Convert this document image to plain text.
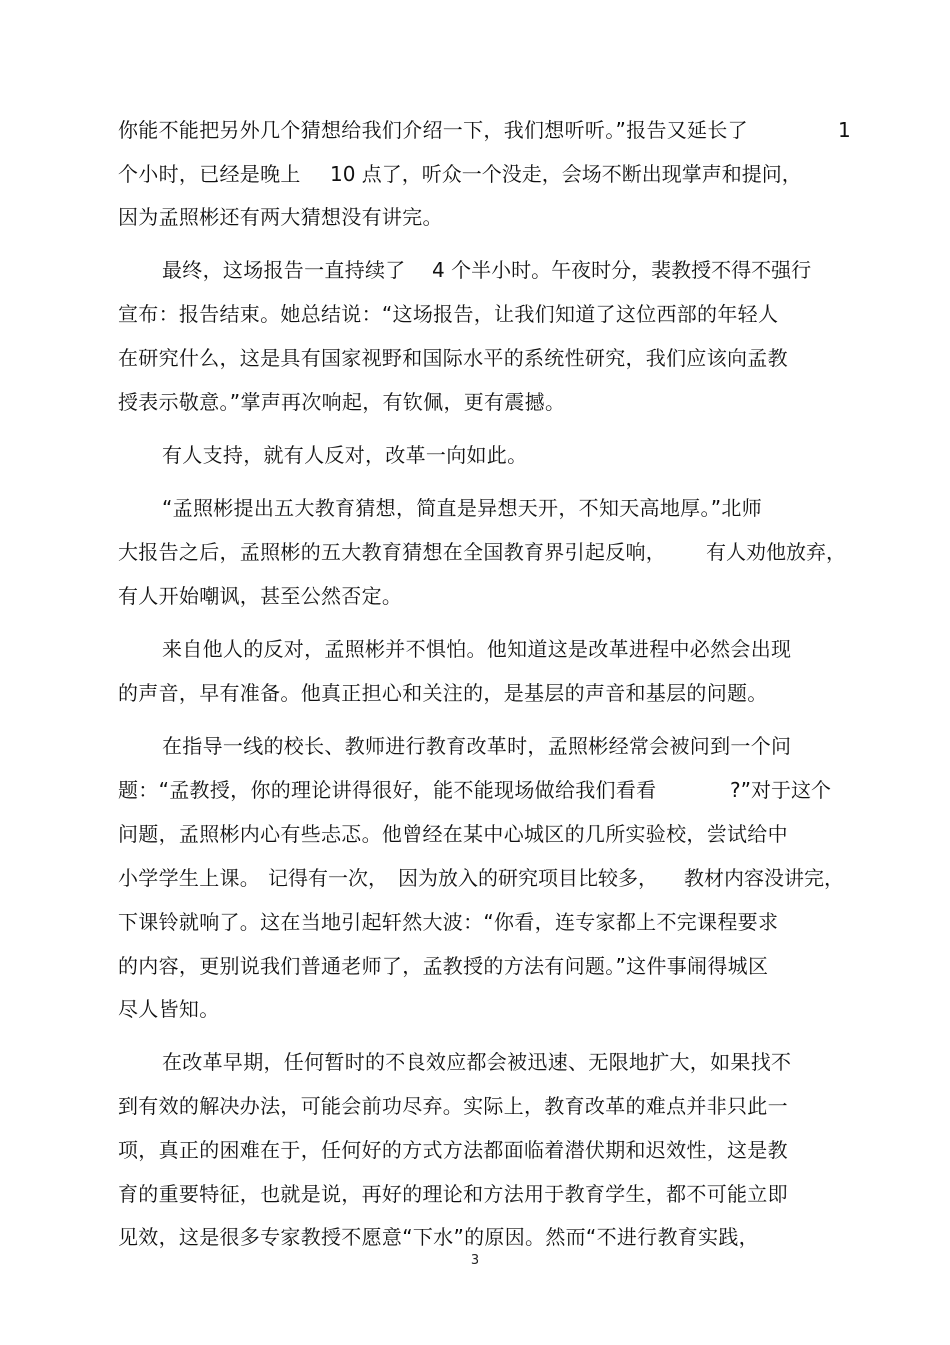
你能不能把另外几个猜想给我们介绍一下，我们想听听。”报告又延长了	1
个小时，已经是晚上 10 点了，听众一个没走，会场不断出现掌声和提问，
因为孟照彬还有两大猜想没有讲完。
最终，这场报告一直持续了 4 个半小时。午夜时分，裴教授不得不强行
宣布：报告结束。她总结说：“这场报告，让我们知道了这位西部的年轻人
在研究什么，这是具有国家视野和国际水平的系统性研究，我们应该向孟教
授表示敬意。”掌声再次响起，有钦佩，更有震撼。
有人支持，就有人反对，改革一向如此。
“孟照彬提出五大教育猜想，简直是异想天开，不知天高地厚。”北师
大报告之后，孟照彬的五大教育猜想在全国教育界引起反响， 有人劝他放弃，
有人开始嘲讽，甚至公然否定。
来自他人的反对，孟照彬并不惧怕。他知道这是改革进程中必然会出现
的声音，早有准备。他真正担心和关注的，是基层的声音和基层的问题。
在指导一线的校长、教师进行教育改革时，孟照彬经常会被问到一个问
题：“孟教授，你的理论讲得很好，能不能现场做给我们看看	?”对于这个
问题，孟照彬内心有些忐忑。他曾经在某中心城区的几所实验校，尝试给中
小学学生上课。 记得有一次， 因为放入的研究项目比较多， 教材内容没讲完，
下课铃就响了。这在当地引起轩然大波：“你看，连专家都上不完课程要求
的内容，更别说我们普通老师了，孟教授的方法有问题。”这件事闹得城区
尽人皆知。
在改革早期，任何暂时的不良效应都会被迅速、无限地扩大，如果找不
到有效的解决办法，可能会前功尽弃。实际上，教育改革的难点并非只此一
项，真正的困难在于，任何好的方式方法都面临着潜伏期和迟效性，这是教
育的重要特征，也就是说，再好的理论和方法用于教育学生，都不可能立即
见效，这是很多专家教授不愿意“下水”的原因。然而“不进行教育实践，
3
